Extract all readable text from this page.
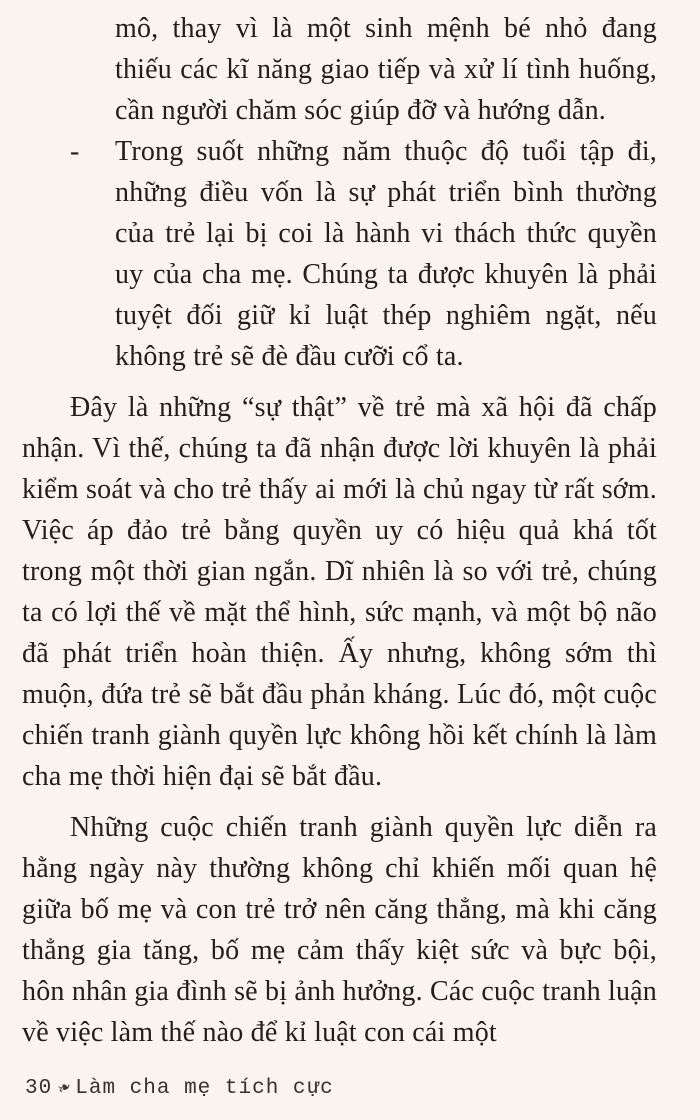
mô, thay vì là một sinh mệnh bé nhỏ đang thiếu các kĩ năng giao tiếp và xử lí tình huống, cần người chăm sóc giúp đỡ và hướng dẫn.
- Trong suốt những năm thuộc độ tuổi tập đi, những điều vốn là sự phát triển bình thường của trẻ lại bị coi là hành vi thách thức quyền uy của cha mẹ. Chúng ta được khuyên là phải tuyệt đối giữ kỉ luật thép nghiêm ngặt, nếu không trẻ sẽ đè đầu cưỡi cổ ta.

Đây là những “sự thật” về trẻ mà xã hội đã chấp nhận. Vì thế, chúng ta đã nhận được lời khuyên là phải kiểm soát và cho trẻ thấy ai mới là chủ ngay từ rất sớm. Việc áp đảo trẻ bằng quyền uy có hiệu quả khá tốt trong một thời gian ngắn. Dĩ nhiên là so với trẻ, chúng ta có lợi thế về mặt thể hình, sức mạnh, và một bộ não đã phát triển hoàn thiện. Ấy nhưng, không sớm thì muộn, đứa trẻ sẽ bắt đầu phản kháng. Lúc đó, một cuộc chiến tranh giành quyền lực không hồi kết chính là làm cha mẹ thời hiện đại sẽ bắt đầu.

Những cuộc chiến tranh giành quyền lực diễn ra hằng ngày này thường không chỉ khiến mối quan hệ giữa bố mẹ và con trẻ trở nên căng thẳng, mà khi căng thẳng gia tăng, bố mẹ cảm thấy kiệt sức và bực bội, hôn nhân gia đình sẽ bị ảnh hưởng. Các cuộc tranh luận về việc làm thế nào để kỉ luật con cái một

30 ❧Làm cha mẹ tích cực
